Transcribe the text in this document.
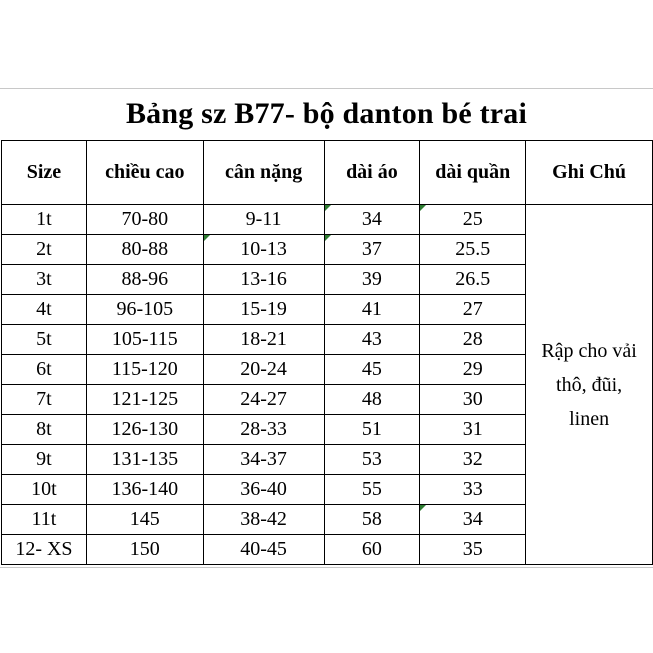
Bảng sz B77- bộ danton bé trai
Size	chiều cao	cân nặng	dài áo	dài quần	Ghi Chú
1t	70-80	9-11	34	25	Rập cho vải
thô, đũi,
linen

2t	80-88	10-13	37	25.5	
3t	88-96	13-16	39	26.5	
4t	96-105	15-19	41	27	
5t	105-115	18-21	43	28	
6t	115-120	20-24	45	29	
7t	121-125	24-27	48	30	
8t	126-130	28-33	51	31	
9t	131-135	34-37	53	32	
10t	136-140	36-40	55	33	
11t	145	38-42	58	34	
12- XS	150	40-45	60	35	
